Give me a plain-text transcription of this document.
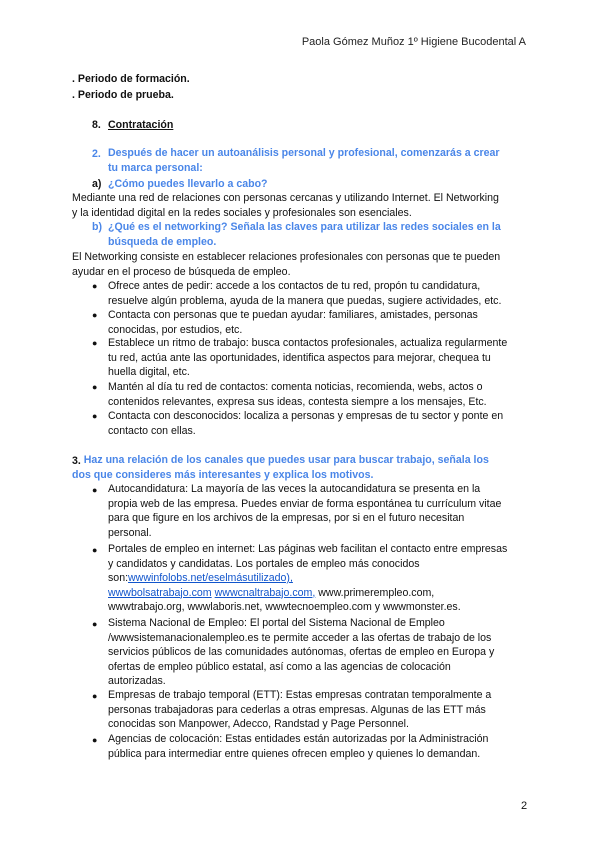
Paola Gómez Muñoz 1º Higiene Bucodental A
. Periodo de formación.
. Periodo de prueba.
8. Contratación
2. Después de hacer un autoanálisis personal y profesional, comenzarás a crear
tu marca personal:
a) ¿Cómo puedes llevarlo a cabo?
Mediante una red de relaciones con personas cercanas y utilizando Internet. El Networking
y la identidad digital en la redes sociales y profesionales son esenciales.
b) ¿Qué es el networking? Señala las claves para utilizar las redes sociales en la
búsqueda de empleo.
El Networking consiste en establecer relaciones profesionales con personas que te pueden
ayudar en el proceso de búsqueda de empleo.
● Ofrece antes de pedir: accede a los contactos de tu red, propón tu candidatura,
resuelve algún problema, ayuda de la manera que puedas, sugiere actividades, etc.
● Contacta con personas que te puedan ayudar: familiares, amistades, personas
conocidas, por estudios, etc.
● Establece un ritmo de trabajo: busca contactos profesionales, actualiza regularmente
tu red, actúa ante las oportunidades, identifica aspectos para mejorar, chequea tu
huella digital, etc.
● Mantén al día tu red de contactos: comenta noticias, recomienda, webs, actos o
contenidos relevantes, expresa sus ideas, contesta siempre a los mensajes, Etc.
● Contacta con desconocidos: localiza a personas y empresas de tu sector y ponte en
contacto con ellas.
3. Haz una relación de los canales que puedes usar para buscar trabajo, señala los
dos que consideres más interesantes y explica los motivos.
● Autocandidatura: La mayoría de las veces la autocandidatura se presenta en la
propia web de las empresa. Puedes enviar de forma espontánea tu currículum vitae
para que figure en los archivos de la empresas, por si en el futuro necesitan
personal.
● Portales de empleo en internet: Las páginas web facilitan el contacto entre empresas
y candidatos y candidatas. Los portales de empleo más conocidos
son:wwwinfolobs.net/eselmásutilizado),
wwwbolsatrabajo.com wwwcnaltrabajo.com, www.primerempleo.com,
wwwtrabajo.org, wwwlaboris.net, wwwtecnoempleo.com y wwwmonster.es.
● Sistema Nacional de Empleo: El portal del Sistema Nacional de Empleo
/wwwsistemanacionalempleo.es te permite acceder a las ofertas de trabajo de los
servicios públicos de las comunidades autónomas, ofertas de empleo en Europa y
ofertas de empleo público estatal, así como a las agencias de colocación
autorizadas.
● Empresas de trabajo temporal (ETT): Estas empresas contratan temporalmente a
personas trabajadoras para cederlas a otras empresas. Algunas de las ETT más
conocidas son Manpower, Adecco, Randstad y Page Personnel.
● Agencias de colocación: Estas entidades están autorizadas por la Administración
pública para intermediar entre quienes ofrecen empleo y quienes lo demandan.
2
